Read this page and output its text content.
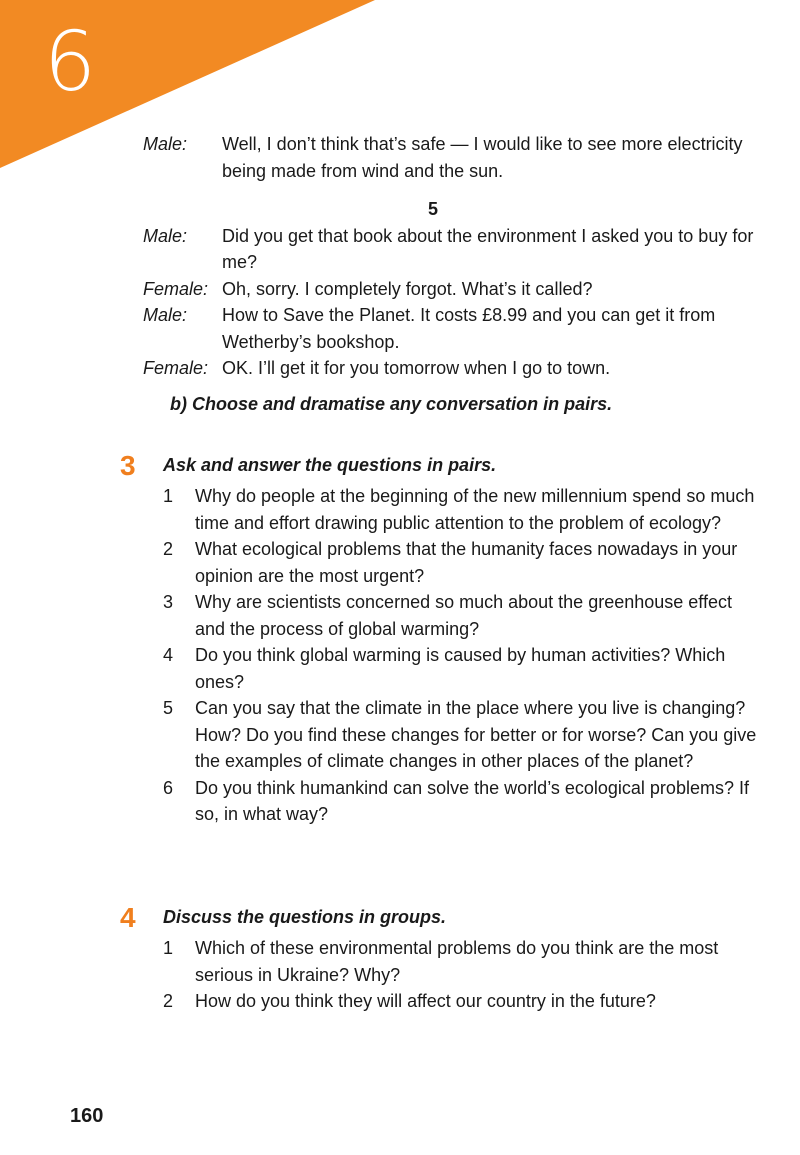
6
Male:	Well, I don’t think that’s safe — I would like to see more electricity being made from wind and the sun.
5
Male:	Did you get that book about the environment I asked you to buy for me?
Female: Oh, sorry. I completely forgot. What’s it called?
Male:	How to Save the Planet. It costs £8.99 and you can get it from Wetherby’s bookshop.
Female: OK. I’ll get it for you tomorrow when I go to town.
b) Choose and dramatise any conversation in pairs.
3 Ask and answer the questions in pairs.
1	Why do people at the beginning of the new millennium spend so much time and effort drawing public attention to the problem of ecology?
2	What ecological problems that the humanity faces nowadays in your opinion are the most urgent?
3	Why are scientists concerned so much about the greenhouse effect and the process of global warming?
4	Do you think global warming is caused by human activities? Which ones?
5	Can you say that the climate in the place where you live is changing? How? Do you find these changes for better or for worse? Can you give the examples of climate changes in other places of the planet?
6	Do you think humankind can solve the world’s ecological problems? If so, in what way?
4 Discuss the questions in groups.
1	Which of these environmental problems do you think are the most serious in Ukraine? Why?
2	How do you think they will affect our country in the future?
160
